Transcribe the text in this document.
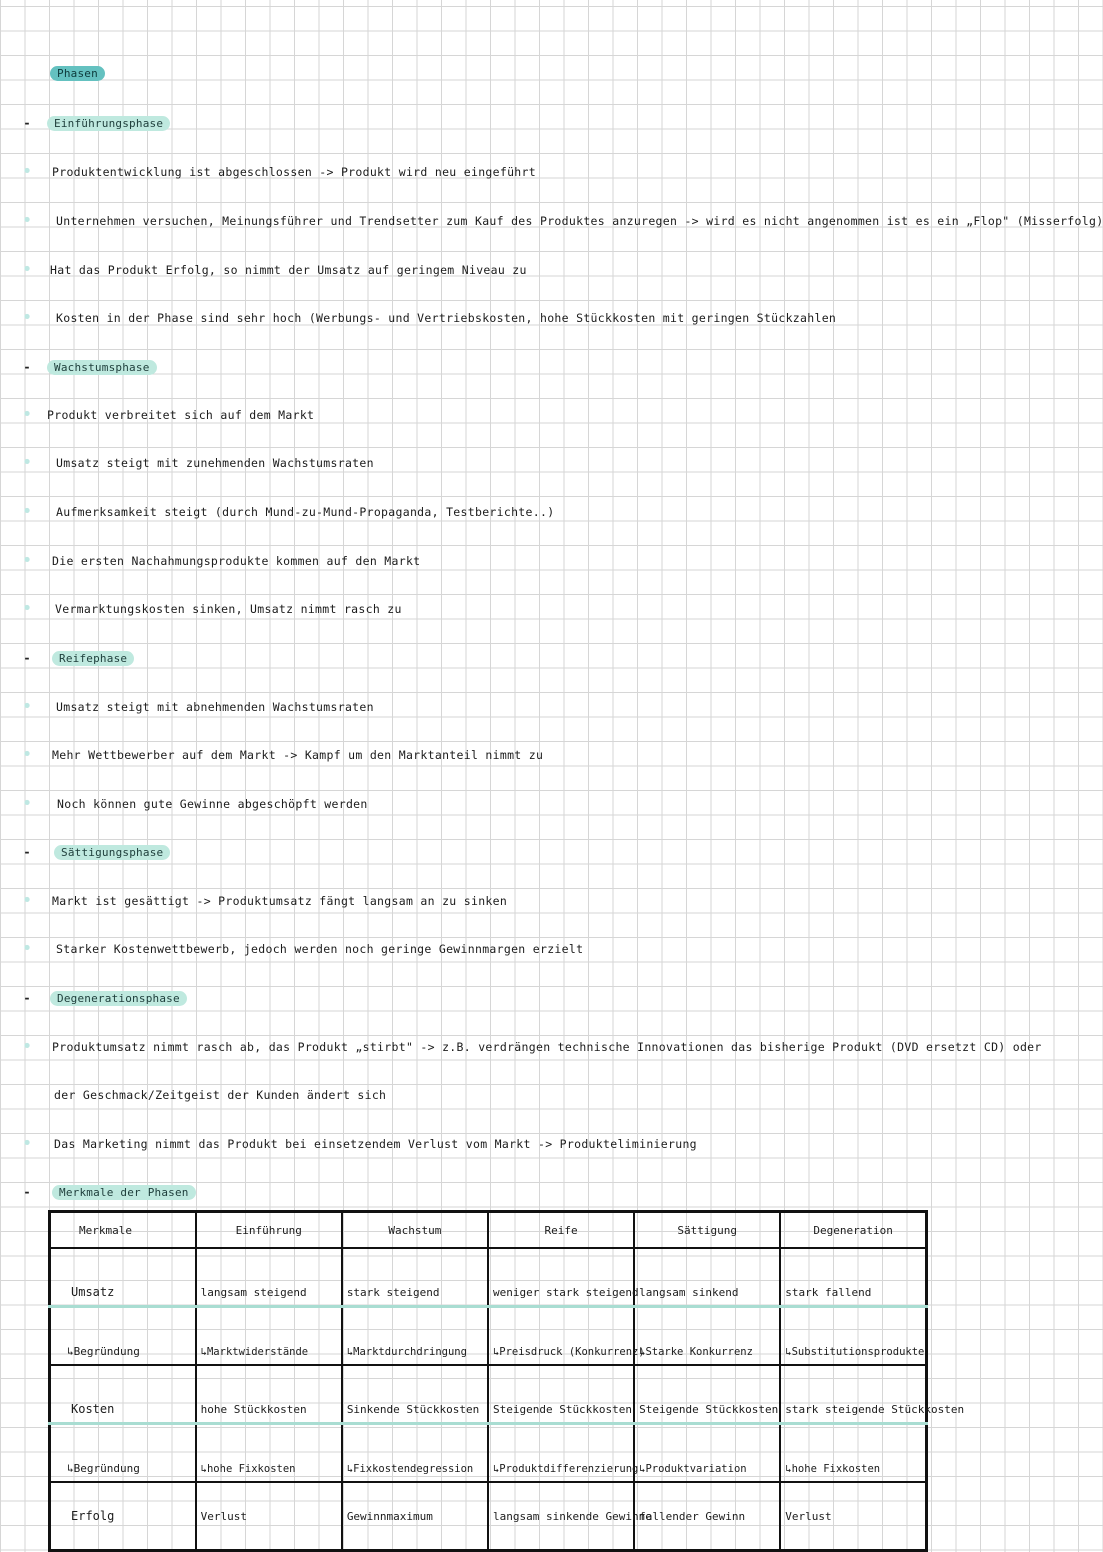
Phasen
-	Einführungsphase
• Produktentwicklung ist abgeschlossen -> Produkt wird neu eingeführt
• Unternehmen versuchen, Meinungsführer und Trendsetter zum Kauf des Produktes anzuregen -> wird es nicht angenommen ist es ein „Flop" (Misserfolg)
• Hat das Produkt Erfolg, so nimmt der Umsatz auf geringem Niveau zu
• Kosten in der Phase sind sehr hoch (Werbungs- und Vertriebskosten, hohe Stückkosten mit geringen Stückzahlen
-	Wachstumsphase
• Produkt verbreitet sich auf dem Markt
• Umsatz steigt mit zunehmenden Wachstumsraten
• Aufmerksamkeit steigt (durch Mund-zu-Mund-Propaganda, Testberichte..)
• Die ersten Nachahmungsprodukte kommen auf den Markt
• Vermarktungskosten sinken, Umsatz nimmt rasch zu
-	Reifephase
• Umsatz steigt mit abnehmenden Wachstumsraten
• Mehr Wettbewerber auf dem Markt -> Kampf um den Marktanteil nimmt zu
• Noch können gute Gewinne abgeschöpft werden
-	Sättigungsphase
• Markt ist gesättigt -> Produktumsatz fängt langsam an zu sinken
• Starker Kostenwettbewerb, jedoch werden noch geringe Gewinnmargen erzielt
-	Degenerationsphase
• Produktumsatz nimmt rasch ab, das Produkt „stirbt" -> z.B. verdrängen technische Innovationen das bisherige Produkt (DVD ersetzt CD) oder
der Geschmack/Zeitgeist der Kunden ändert sich
• Das Marketing nimmt das Produkt bei einsetzendem Verlust vom Markt -> Produkteliminierung
-	Merkmale der Phasen
Merkmale	Einführung	Wachstum	Reife	Sättigung	Degeneration
Umsatz	langsam steigend	stark steigend	weniger stark steigend	langsam sinkend	stark fallend
↳Begründung	↳Marktwiderstände	↳Marktdurchdringung	↳Preisdruck (Konkurrenz)	↳Starke Konkurrenz	↳Substitutionsprodukte
Kosten	hohe Stückkosten	Sinkende Stückkosten	Steigende Stückkosten	Steigende Stückkosten	stark steigende Stückkosten
↳Begründung	↳hohe Fixkosten	↳Fixkostendegression	↳Produktdifferenzierung	↳Produktvariation	↳hohe Fixkosten
Erfolg	Verlust	Gewinnmaximum	langsam sinkende Gewinne	fallender Gewinn	Verlust
